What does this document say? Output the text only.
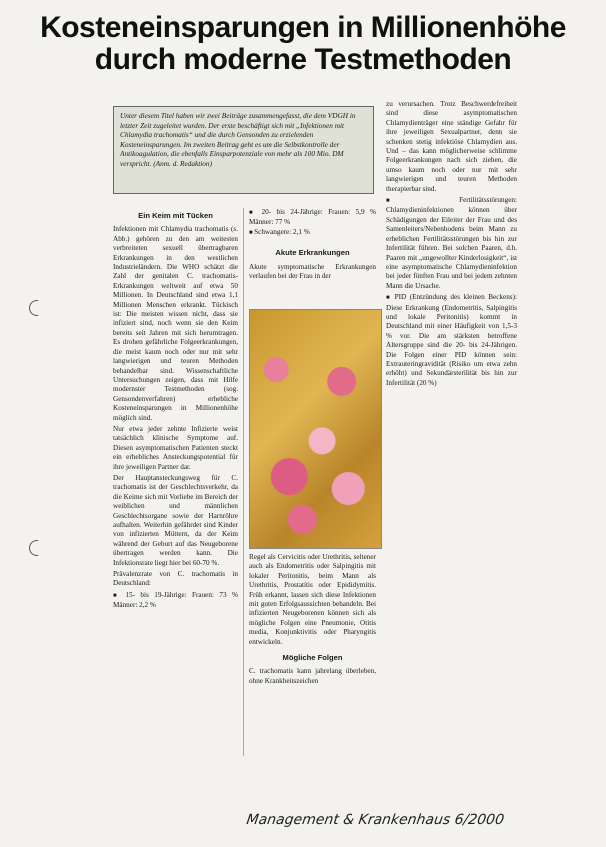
Kosteneinsparungen in Millionenhöhe
durch moderne Testmethoden
Unter diesem Titel haben wir zwei Beiträge zusammengefasst, die dem VDGH in letzter Zeit zugeleitet wurden. Der erste beschäftigt sich mit „Infektionen mit Chlamydia trachomatis“ und die durch Gensonden zu erzielenden Kosteneinsparungen. Im zweiten Beitrag geht es um die Selbstkontrolle der Antikoagulation, die ebenfalls Einsparpotenziale von mehr als 100 Mio. DM verspricht. (Anm. d. Redaktion)
Ein Keim mit Tücken

Infektionen mit Chlamydia trachomatis (s. Abb.) gehören zu den am weitesten verbreiteten sexuell übertragbaren Erkrankungen in den westlichen Industrieländern. Die WHO schätzt die Zahl der genitalen C. trachomatis-Erkrankungen weltweit auf etwa 50 Millionen. In Deutschland sind etwa 1,1 Millionen Menschen erkrankt. Tückisch ist: Die meisten wissen nicht, dass sie infiziert sind, noch wenn sie den Keim bereits seit Jahren mit sich herumtragen. Es drohen gefährliche Folgeerkrankungen, die meist kaum noch oder nur mit sehr langwierigen und teuren Methoden behandelbar sind. Wissenschaftliche Untersuchungen zeigen, dass mit Hilfe modernster Testmethoden (sog. Gensondenverfahren) erhebliche Kosteneinsparungen in Millionenhöhe möglich sind.

Nur etwa jeder zehnte Infizierte weist tatsächlich klinische Symptome auf. Diesen asymptomatischen Patienten steckt ein erhebliches Ansteckungspotential für ihre jeweiligen Partner dar.

Der Hauptansteckungsweg für C. trachomatis ist der Geschlechtsverkehr, da die Keime sich mit Vorliebe im Bereich der weiblichen und männlichen Geschlechtsorgane sowie der Harnröhre aufhalten. Weiterhin gefährdet sind Kinder von infizierten Müttern, da der Keim während der Geburt auf das Neugeborene übertragen werden kann. Die Infektionsrate liegt hier bei 60-70 %.

Prävalenzrate von C. trachomatis in Deutschland:

■ 15- bis 19-Jährige: Frauen: 73 % Männer: 2,2 %

■ 20- bis 24-Jährige: Frauen: 5,9 % Männer: 77 %

■ Schwangere: 2,1 %

Akute Erkrankungen

Akute symptomatische Erkrankungen verlaufen bei der Frau in der

Regel als Cervicitis oder Urethritis, seltener auch als Endometritis oder Salpingitis mit lokaler Peritonitis, beim Mann als Urethritis, Prostatitis oder Epididymitis. Früh erkannt, lassen sich diese Infektionen mit guten Erfolgsaussichten behandeln. Bei infizierten Neugeborenen können sich als mögliche Folgen eine Pneumonie, Otitis media, Konjunktivitis oder Pharyngitis entwickeln.

Mögliche Folgen

C. trachomatis kann jahrelang überleben, ohne Krankheitszeichen

zu verursachen. Trotz Beschwerdefreiheit sind diese asymptomatischen Chlamydienträger eine ständige Gefahr für ihre jeweiligen Sexualpartner, denn sie schenken stetig infektiöse Chlamydien aus. Und – das kann möglicherweise schlimme Folgeerkrankungen nach sich ziehen, die umso kaum noch oder nur mit sehr langwierigen und teuren Methoden therapierbar sind.

■ Fertilitätsstörungen: Chlamydieninfektionen können über Schädigungen der Eileiter der Frau und des Samenleiters/Nebenhodens beim Mann zu erheblichen Fertilitätsstörungen bis hin zur Infertilität führen. Bei solchen Paaren, d.h. Paaren mit „ungewollter Kinderlosigkeit“, ist eine asymptomatische Chlamydieninfektion bei jeder fünften Frau und bei jedem zehnten Mann die Ursache.

■ PID (Entzündung des kleinen Beckens): Diese Erkrankung (Endometritis, Salpingitis und lokale Peritonitis) kommt in Deutschland mit einer Häufigkeit von 1,5-3 % vor. Die am stärksten betroffene Altersgruppe sind die 20- bis 24-Jährigen. Die Folgen einer PID können sein: Extrauteringravidität (Risiko um etwa zehn erhöht) und Sekundärsterilität bis hin zur Infertilität (20 %)

Management & Krankenhaus 6/2000
